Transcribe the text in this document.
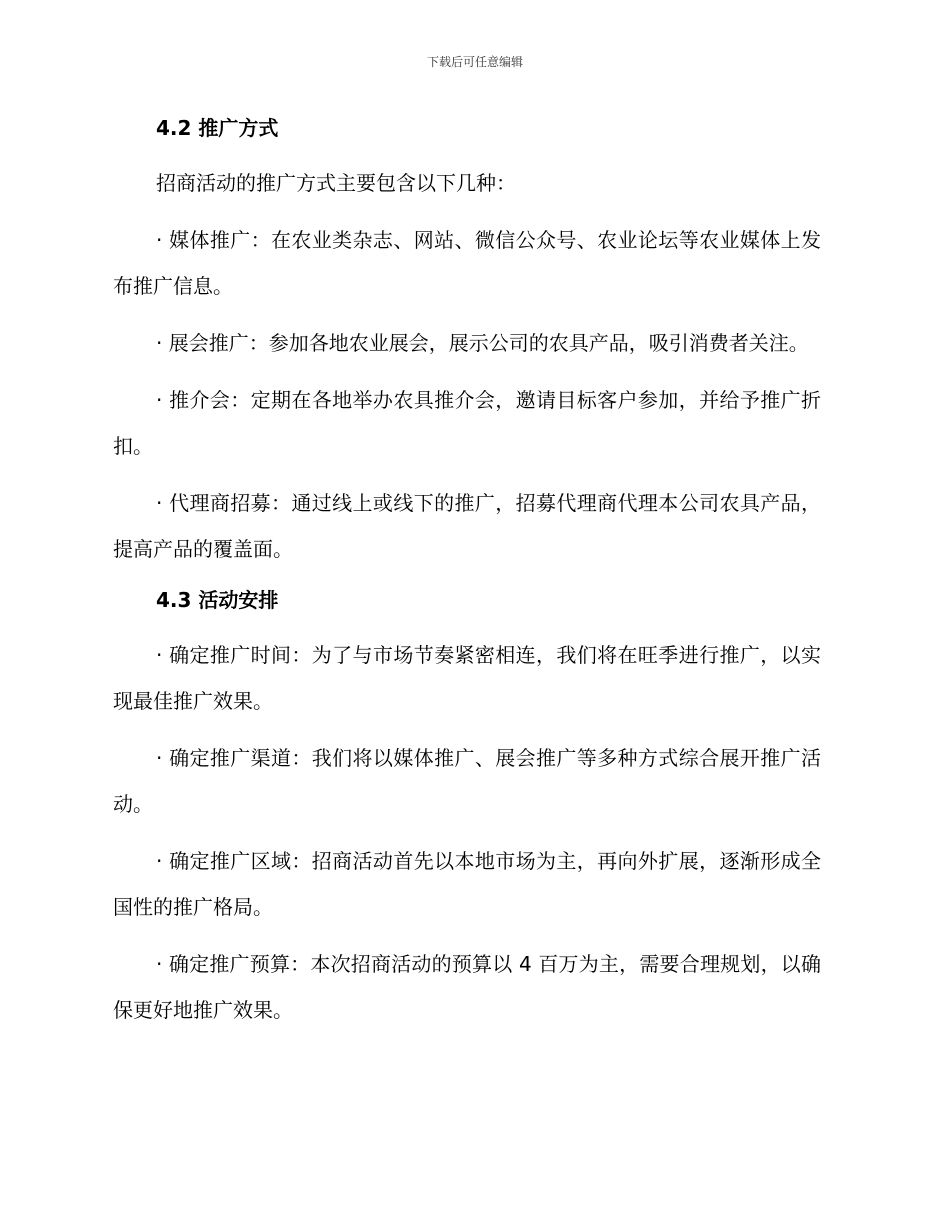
下载后可任意编辑
4.2 推广方式

招商活动的推广方式主要包含以下几种：

· 媒体推广：在农业类杂志、网站、微信公众号、农业论坛等农业媒体上发布推广信息。

· 展会推广：参加各地农业展会，展示公司的农具产品，吸引消费者关注。

· 推介会：定期在各地举办农具推介会，邀请目标客户参加，并给予推广折扣。

· 代理商招募：通过线上或线下的推广，招募代理商代理本公司农具产品，提高产品的覆盖面。

4.3 活动安排

· 确定推广时间：为了与市场节奏紧密相连，我们将在旺季进行推广，以实现最佳推广效果。

· 确定推广渠道：我们将以媒体推广、展会推广等多种方式综合展开推广活动。

· 确定推广区域：招商活动首先以本地市场为主，再向外扩展，逐渐形成全国性的推广格局。

· 确定推广预算：本次招商活动的预算以 4 百万为主，需要合理规划，以确保更好地推广效果。
